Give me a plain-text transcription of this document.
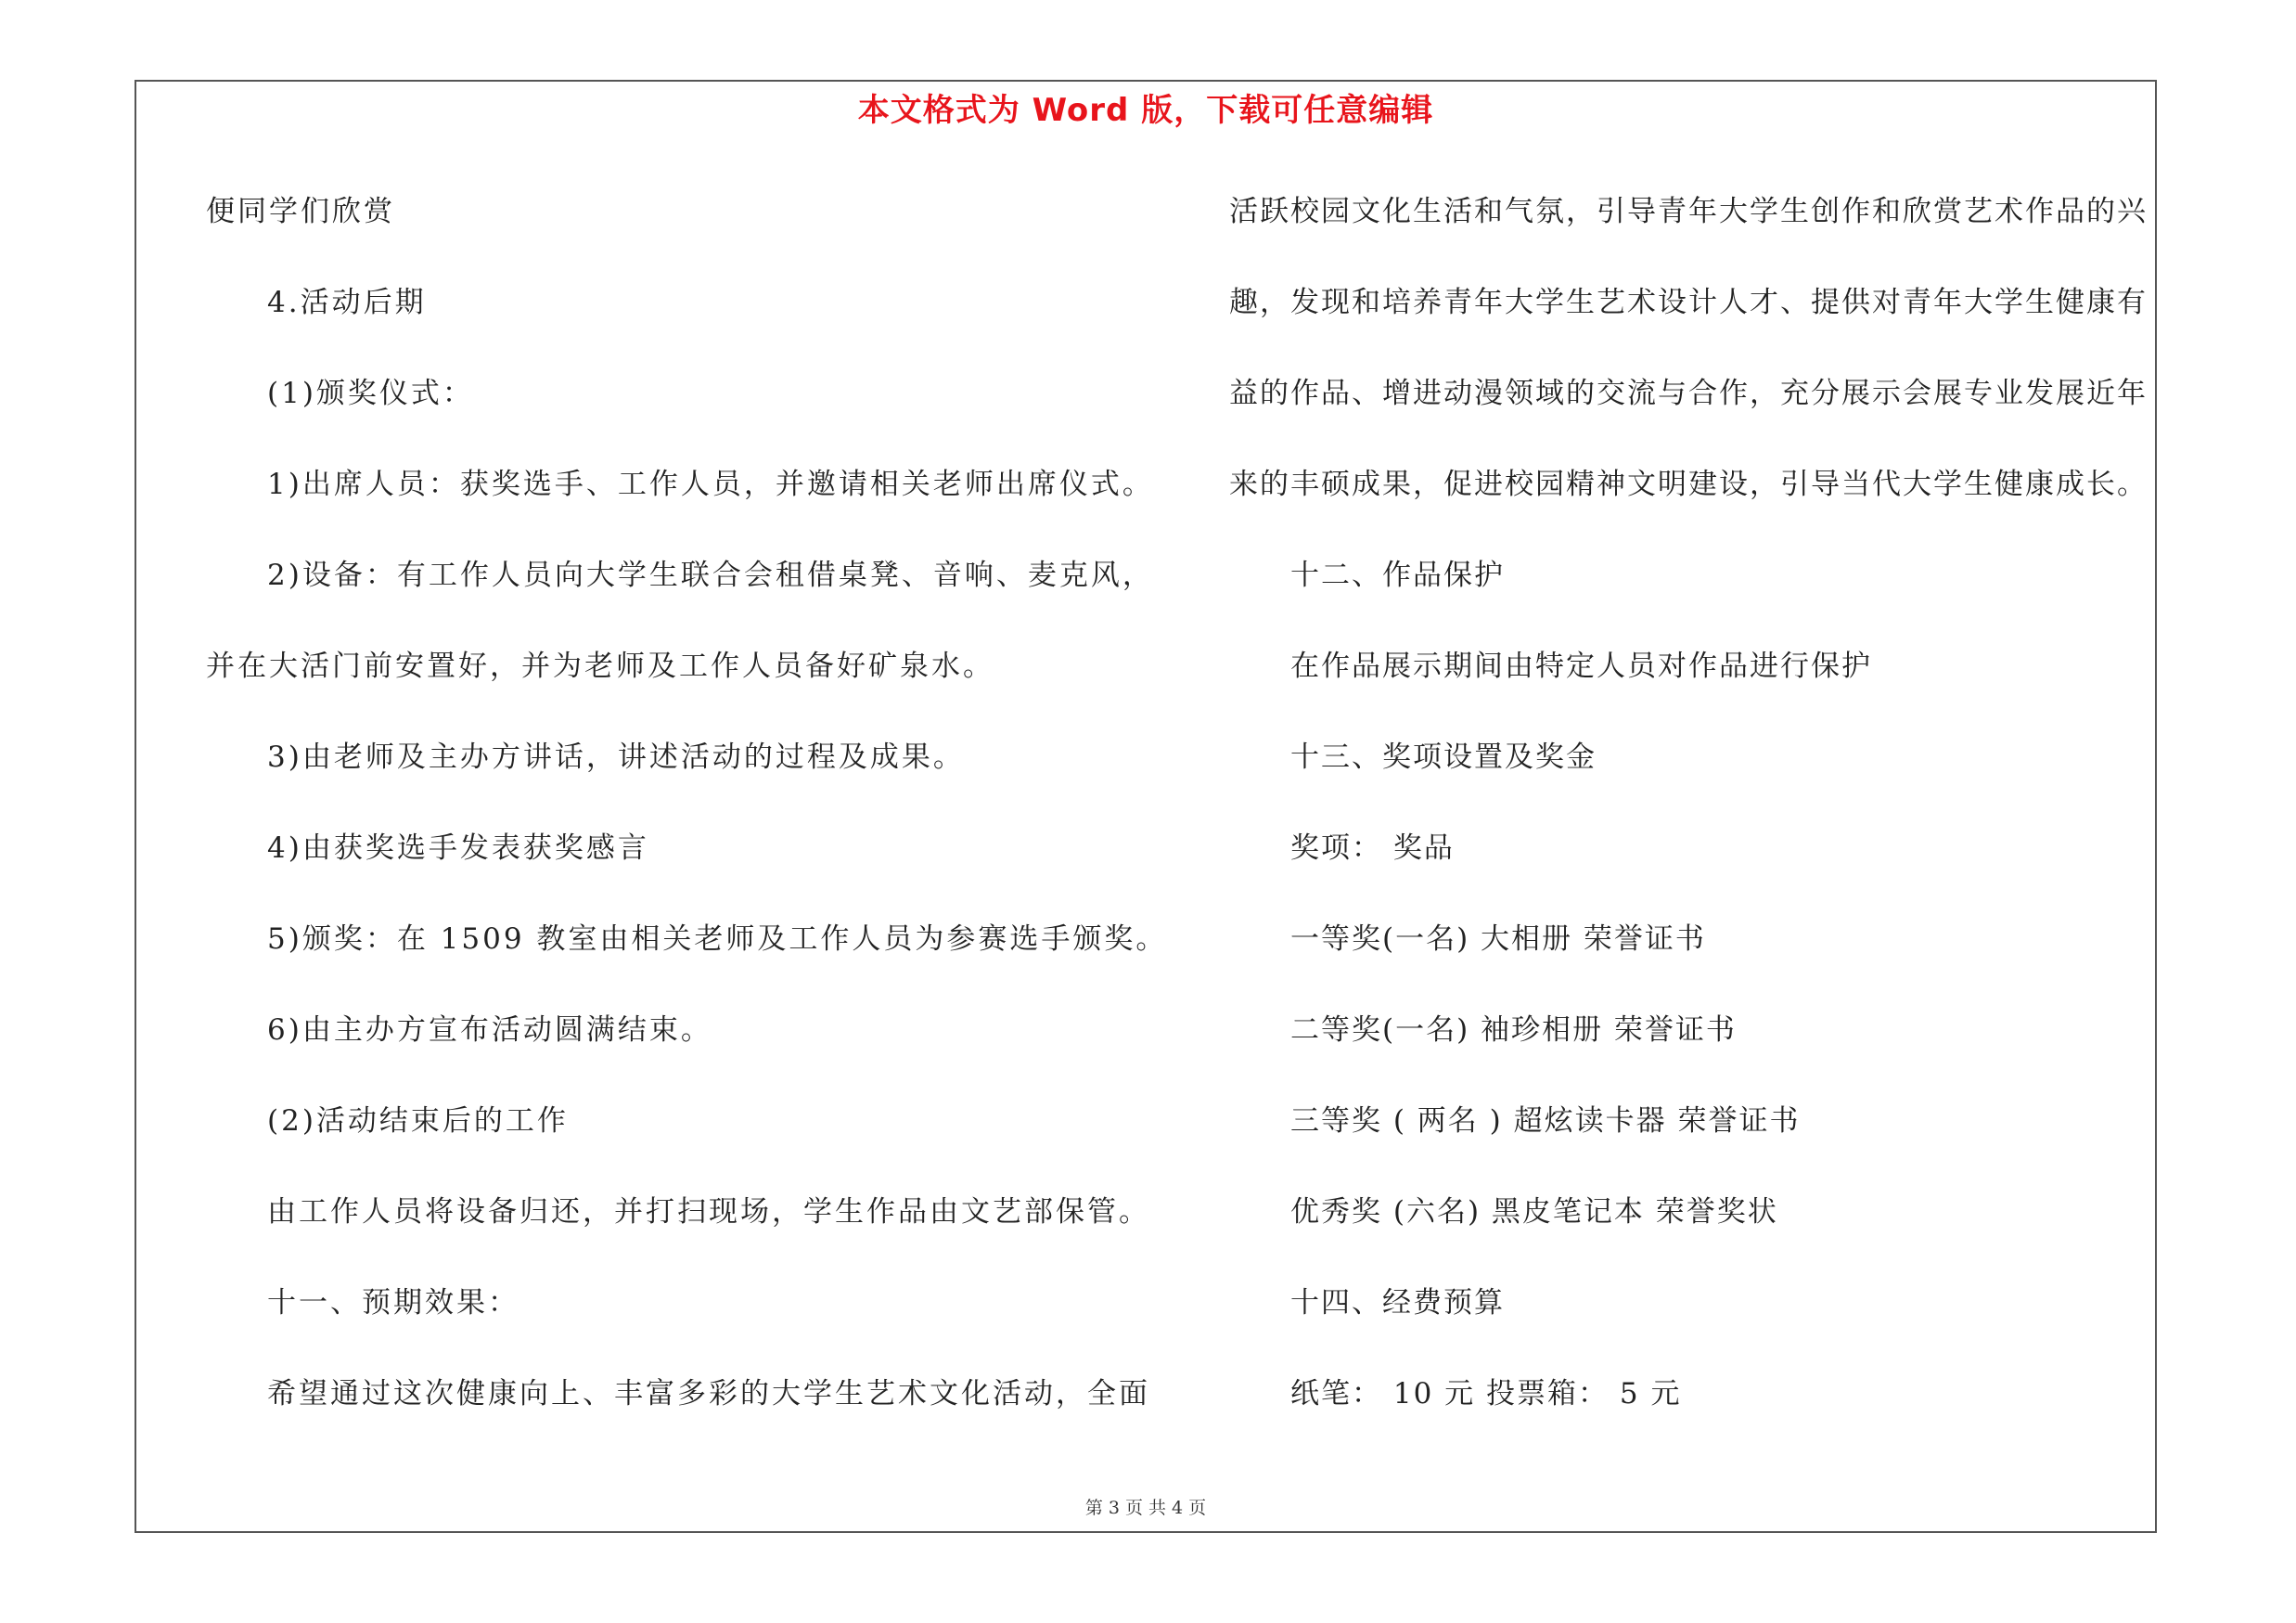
本文格式为 Word 版，下载可任意编辑
便同学们欣赏
4.活动后期
(1)颁奖仪式：
1)出席人员：获奖选手、工作人员，并邀请相关老师出席仪式。
2)设备：有工作人员向大学生联合会租借桌凳、音响、麦克风，
并在大活门前安置好，并为老师及工作人员备好矿泉水。
3)由老师及主办方讲话，讲述活动的过程及成果。
4)由获奖选手发表获奖感言
5)颁奖：在 1509 教室由相关老师及工作人员为参赛选手颁奖。
6)由主办方宣布活动圆满结束。
(2)活动结束后的工作
由工作人员将设备归还，并打扫现场，学生作品由文艺部保管。
十一、预期效果：
希望通过这次健康向上、丰富多彩的大学生艺术文化活动，全面
活跃校园文化生活和气氛，引导青年大学生创作和欣赏艺术作品的兴
趣，发现和培养青年大学生艺术设计人才、提供对青年大学生健康有
益的作品、增进动漫领域的交流与合作，充分展示会展专业发展近年
来的丰硕成果，促进校园精神文明建设，引导当代大学生健康成长。
十二、作品保护
在作品展示期间由特定人员对作品进行保护
十三、奖项设置及奖金
奖项： 奖品
一等奖(一名) 大相册 荣誉证书
二等奖(一名) 袖珍相册 荣誉证书
三等奖 ( 两名 ) 超炫读卡器 荣誉证书
优秀奖 (六名) 黑皮笔记本 荣誉奖状
十四、经费预算
纸笔： 10 元 投票箱： 5 元
第 3 页 共 4 页
